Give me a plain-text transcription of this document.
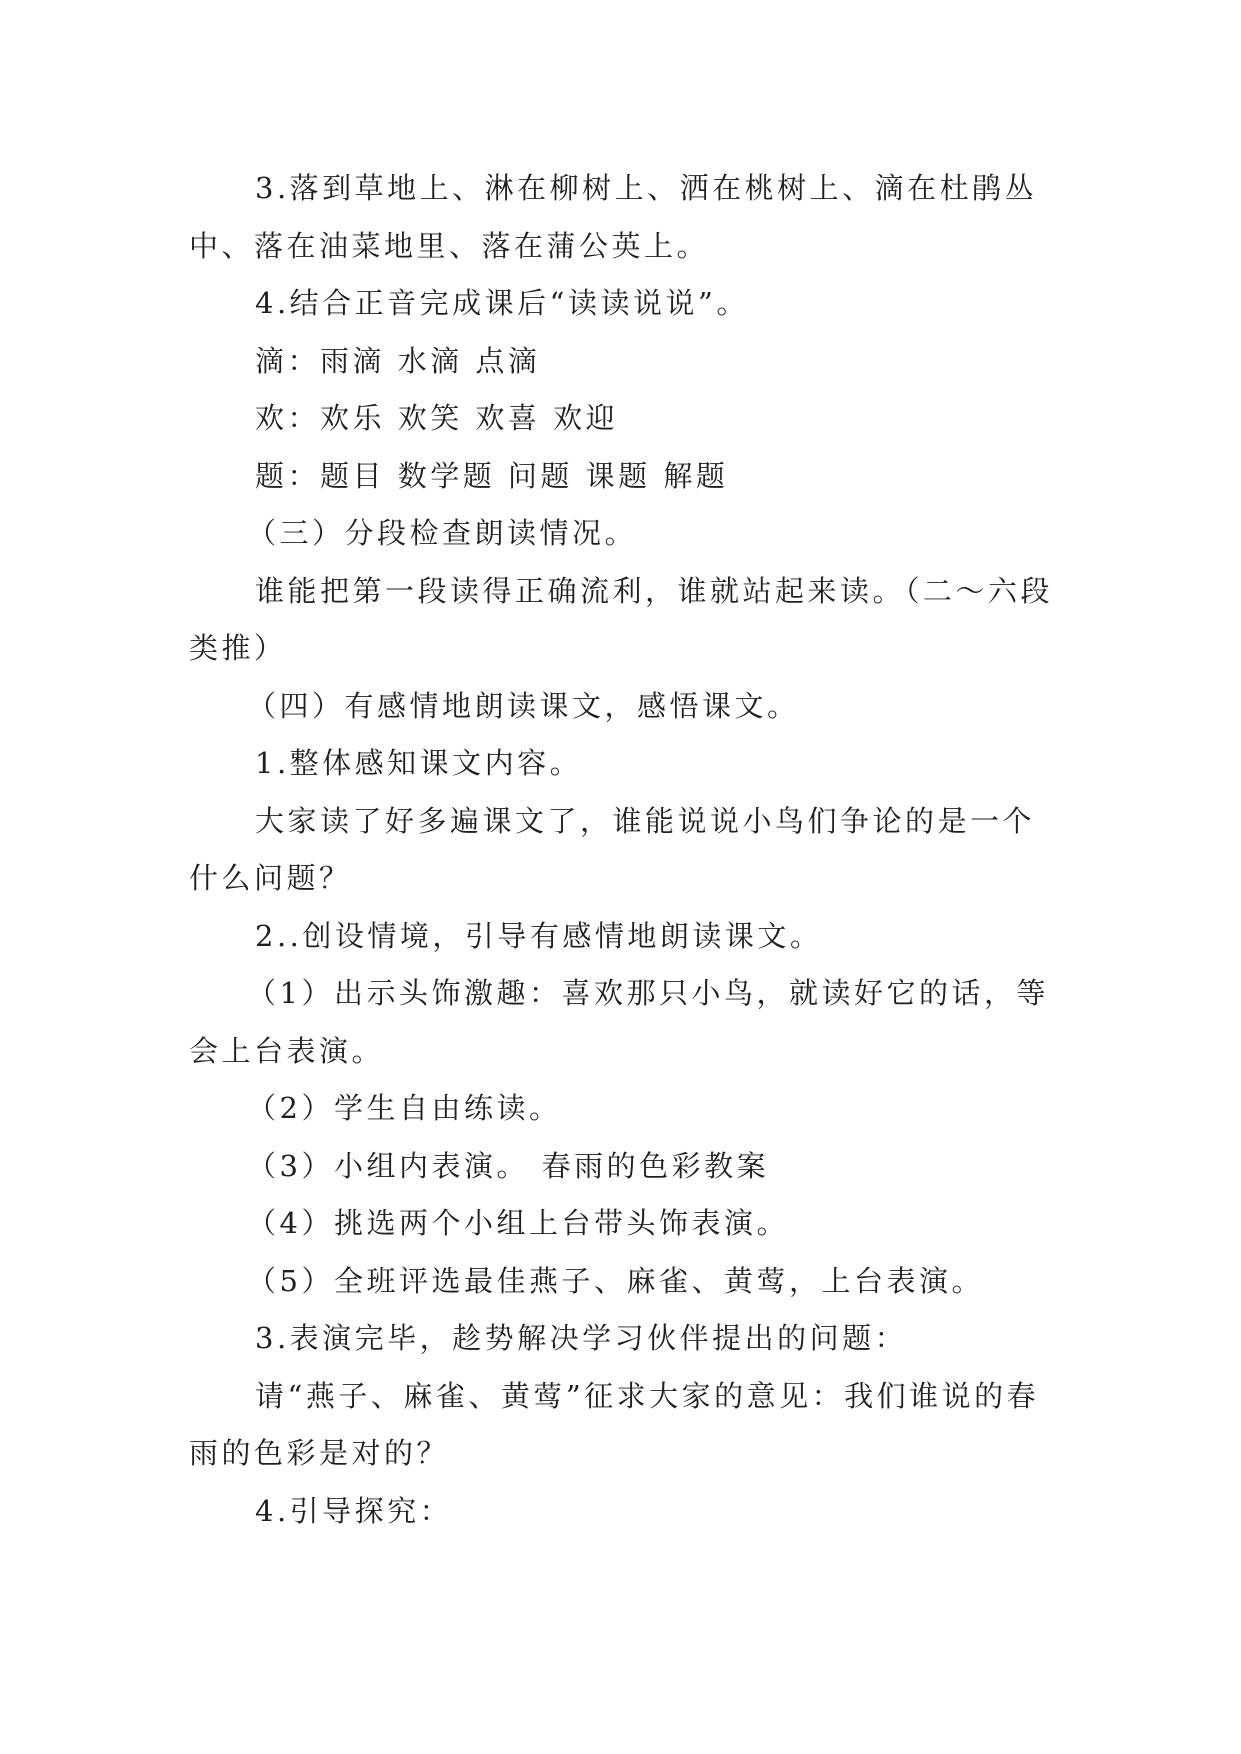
3.落到草地上、淋在柳树上、洒在桃树上、滴在杜鹃丛中、落在油菜地里、落在蒲公英上。

4.结合正音完成课后“读读说说”。

滴：雨滴 水滴 点滴

欢：欢乐 欢笑 欢喜 欢迎

题：题目 数学题 问题 课题 解题

（三）分段检查朗读情况。

谁能把第一段读得正确流利，谁就站起来读。（二～六段类推）

（四）有感情地朗读课文，感悟课文。

1.整体感知课文内容。

大家读了好多遍课文了，谁能说说小鸟们争论的是一个什么问题？

2..创设情境，引导有感情地朗读课文。

（1）出示头饰激趣：喜欢那只小鸟，就读好它的话，等会上台表演。

（2）学生自由练读。

（3）小组内表演。 春雨的色彩教案

（4）挑选两个小组上台带头饰表演。

（5）全班评选最佳燕子、麻雀、黄莺，上台表演。

3.表演完毕，趁势解决学习伙伴提出的问题：

请“燕子、麻雀、黄莺”征求大家的意见：我们谁说的春雨的色彩是对的？

4.引导探究：
